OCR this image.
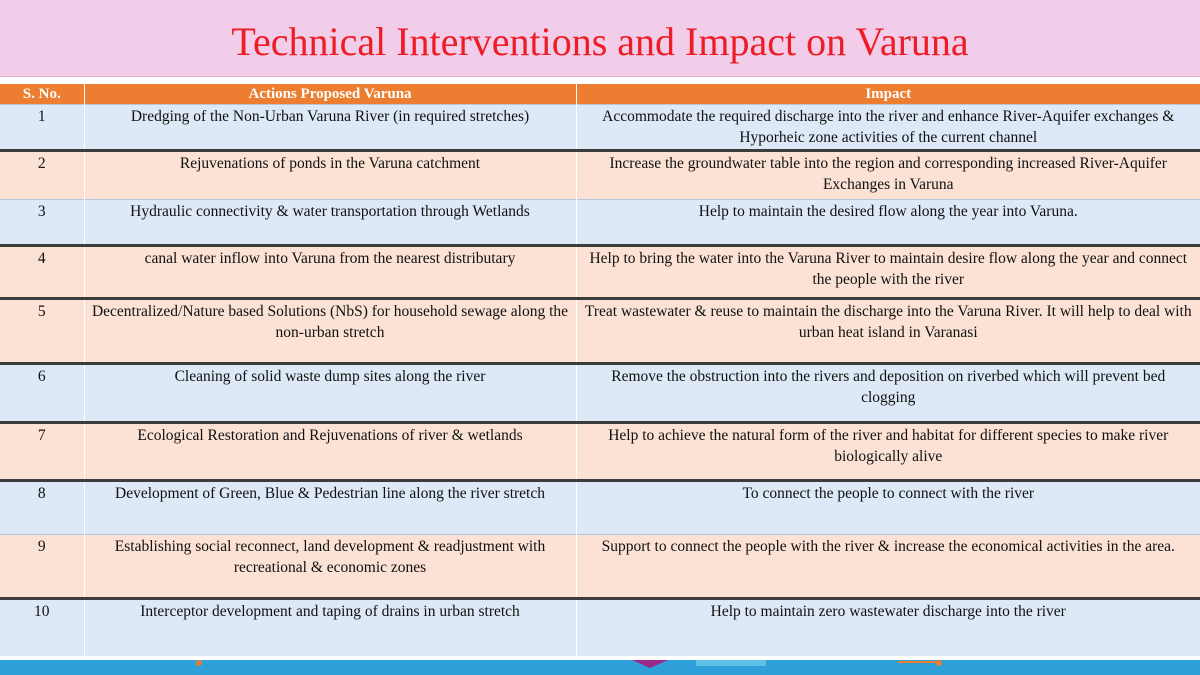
Technical Interventions and Impact on Varuna
S. No.	Actions Proposed Varuna	Impact
1	Dredging of the Non-Urban Varuna River (in required stretches)	Accommodate the required discharge into the river and enhance River-Aquifer exchanges & Hyporheic zone activities of the current channel
2	Rejuvenations of ponds in the Varuna catchment	Increase the groundwater table into the region and corresponding increased River-Aquifer Exchanges in Varuna
3	Hydraulic connectivity & water transportation through Wetlands	Help to maintain the desired flow along the year into Varuna.
4	canal water inflow into Varuna from the nearest distributary	Help to bring the water into the Varuna River to maintain desire flow along the year and connect the people with the river
5	Decentralized/Nature based Solutions (NbS) for household sewage along the non-urban stretch	Treat wastewater & reuse to maintain the discharge into the Varuna River. It will help to deal with urban heat island in Varanasi
6	Cleaning of solid waste dump sites along the river	Remove the obstruction into the rivers and deposition on riverbed which will prevent bed clogging
7	Ecological Restoration and Rejuvenations of river & wetlands	Help to achieve the natural form of the river and habitat for different species to make river biologically alive
8	Development of Green, Blue & Pedestrian line along the river stretch	To connect the people to connect with the river
9	Establishing social reconnect, land development & readjustment with recreational & economic zones	Support to connect the people with the river & increase the economical activities in the area.
10	Interceptor development and taping of drains in urban stretch	Help to maintain zero wastewater discharge into the river
